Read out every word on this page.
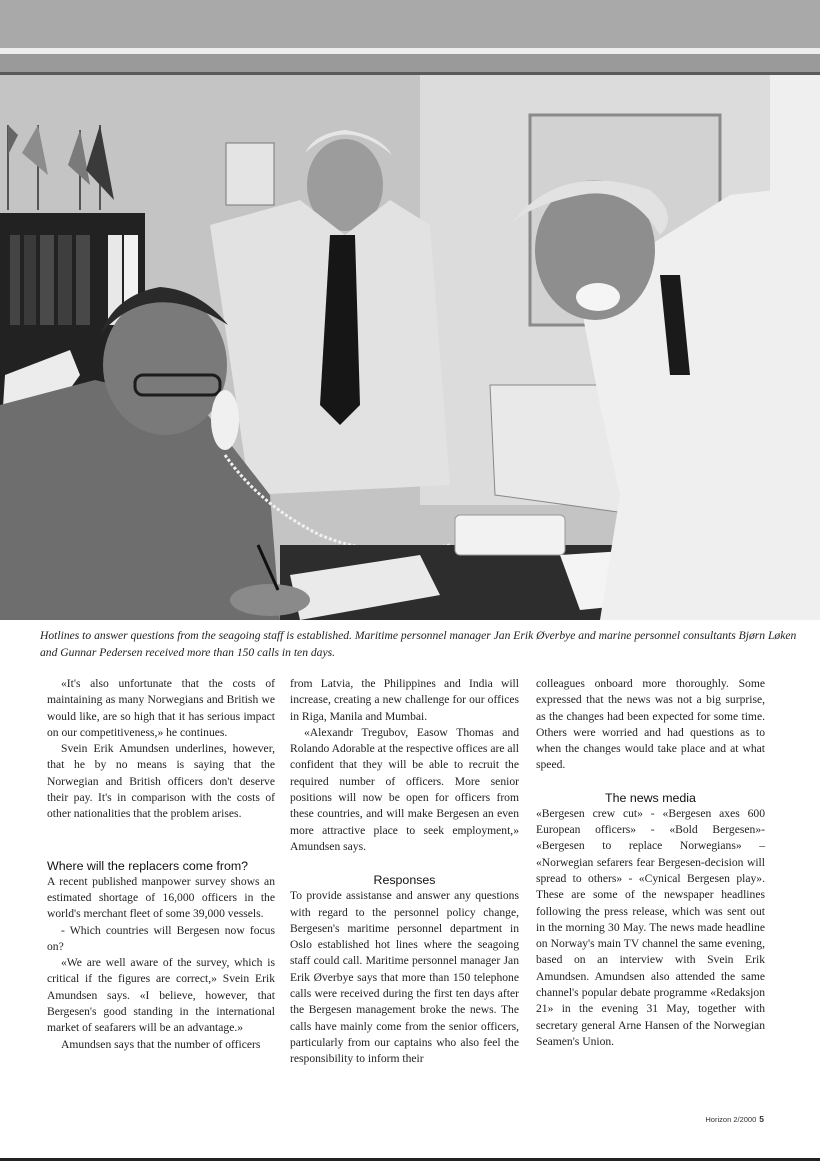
Hotlines to answer questions from the seagoing staff is established. Maritime personnel manager Jan Erik Øverbye and marine personnel consultants Bjørn Løken and Gunnar Pedersen received more than 150 calls in ten days.

«It's also unfortunate that the costs of maintaining as many Norwegians and British we would like, are so high that it has serious impact on our competitiveness,» he continues.

Svein Erik Amundsen underlines, however, that he by no means is saying that the Norwegian and British officers don't deserve their pay. It's in comparison with the costs of other nationalities that the problem arises.

Where will the replacers come from?

A recent published manpower survey shows an estimated shortage of 16,000 officers in the world's merchant fleet of some 39,000 vessels.

- Which countries will Bergesen now focus on?

«We are well aware of the survey, which is critical if the figures are correct,» Svein Erik Amundsen says. «I believe, however, that Bergesen's good standing in the international market of seafarers will be an advantage.»

Amundsen says that the number of officers

from Latvia, the Philippines and India will increase, creating a new challenge for our offices in Riga, Manila and Mumbai.

«Alexandr Tregubov, Easow Thomas and Rolando Adorable at the respective offices are all confident that they will be able to recruit the required number of officers. More senior positions will now be open for officers from these countries, and will make Bergesen an even more attractive place to seek employment,» Amundsen says.

Responses

To provide assistanse and answer any questions with regard to the personnel policy change, Bergesen's maritime personnel department in Oslo established hot lines where the seagoing staff could call. Maritime personnel manager Jan Erik Øverbye says that more than 150 telephone calls were received during the first ten days after the Bergesen management broke the news. The calls have mainly come from the senior officers, particularly from our captains who also feel the responsibility to inform their

colleagues onboard more thoroughly. Some expressed that the news was not a big surprise, as the changes had been expected for some time. Others were worried and had questions as to when the changes would take place and at what speed.

The news media

«Bergesen crew cut» - «Bergesen axes 600 European officers» - «Bold Bergesen»- «Bergesen to replace Norwegians» – «Norwegian sefarers fear Bergesen-decision will spread to others» - «Cynical Bergesen play». These are some of the newspaper headlines following the press release, which was sent out in the morning 30 May. The news made headline on Norway's main TV channel the same evening, based on an interview with Svein Erik Amundsen. Amundsen also attended the same channel's popular debate programme «Redaksjon 21» in the evening 31 May, together with secretary general Arne Hansen of the Norwegian Seamen's Union.

Horizon 2/2000 5
